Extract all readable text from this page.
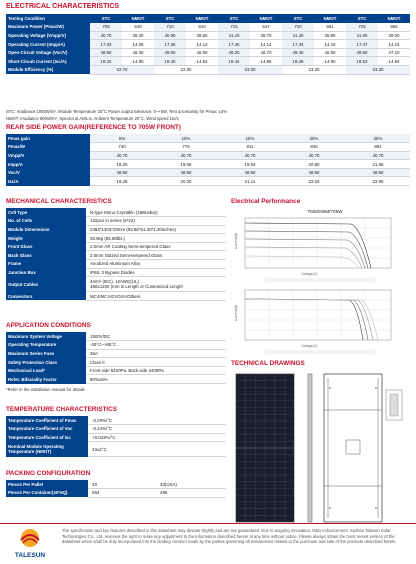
ELECTRICAL CHARACTERISTICS
Testing Condition	STC	NMOT	STC	NMOT	STC	NMOT	STC	NMOT	STC	NMOT
Maximum Power (Pmax/W)	705	540	710	543	715	547	720	551	725	555
Operating Voltage (Vmpp/V)	40.70	38.30	40.90	38.50	41.10	38.70	41.30	38.80	41.50	39.00
Operating Current (Impp/A)	17.33	14.08	17.36	14.12	17.40	14.14	17.44	14.19	17.47	14.23
Open-Circuit Voltage (Voc/V)	48.80	46.30	49.00	46.50	49.20	46.70	49.40	46.90	49.60	47.10
Short-Circuit Current (Isc/A)	18.34	14.80	18.40	14.83	18.44	14.86	18.49	14.90	18.53	14.94
Module Efficiency (%)	22.70		22.90		23.00		23.20		23.30	
STC: Irradiance 1000W/m², Module Temperature 25°C Power output tolerance: 0~+5W, Test uncertainty for Pmax: ±3%
NMOT: Irradiance 800W/m², Spectra at AM1.5, Ambient Temperature 20°C, Wind speed 1m/s
REAR SIDE POWER GAIN(REFERENCE TO 705W FRONT)
Pmax gain	5%	10%	15%	20%	25%
Pmax/W	740	776	811	846	881
Vmpp/V	40.70	40.70	40.70	40.70	40.70
Impp/A	18.20	19.06	19.93	20.80	21.66
Voc/V	48.80	48.80	48.80	48.80	48.80
Isc/A	19.28	20.20	21.11	22.03	22.95
MECHANICAL CHARACTERISTICS
Cell Type	N-type Mono-Crystallin (18Busbar)
No. of Cells	132pcs in series (6*22)
Module Dimensions	2384*1303*33mm (93.86*51.30*1.30inches)
Weight	38.5kg (84.88lbs.)
Front Glass	2.0mm AR Coating Semi-tempered Glass
Back Glass	2.0mm Glazed Semi-tempered Glass
Frame	Anodized Aluminium Alloy
Junction Box	IP68, 3 Bypass Diodes
Output Cables	4mm² (IEC), 12AWG(UL)
350±1200 (mm in Length or Customized Length

Connectors	MC4/MC4-EVO2A/Others
APPLICATION CONDITIONS
Maximum System Voltage	1500V/DC
Operating Temperature	-40°C~+85°C
Maximum Series Fuse	35A
Safety Protection Class	Class II
Mechanical Load*	Front side 5400Pa, Back side 2400Pa
Refer. Bifaciality Factor	80%±5%
*Refer to the installation manual for details
TEMPERATURE CHARACTERISTICS
Temperature Coefficient of Pmax	-0.29%/°C
Temperature Coefficient of Voc	-0.24%/°C
Temperature Coefficient of Isc	+0.043%/°C
Nominal Module Operating Temperature (NMOT)	43±2°C
PACKING CONFIGURATION
Pieces Per Pallet	33	33(USA)
Pieces Per Container(40'HQ)	594	495
Electrical Performance
TM8G66M/705W
Current(A)
Voltage(V)
Current(A)
Voltage(V)
TECHNICAL DRAWINGS
TALESUN
The specification and key features described in this datasheet may deviate slightly and are not guaranteed. Due to ongoing innovation, R&D enhancement, Suzhou Talesun Solar Technologies Co., Ltd. reserves the right to make any adjustment to the information described herein at any time without notice. Please always obtain the most recent version of the datasheet which shall be duly incorporated into the binding contract made by the parties governing all transactions related to the purchase and sale of the products described herein.
